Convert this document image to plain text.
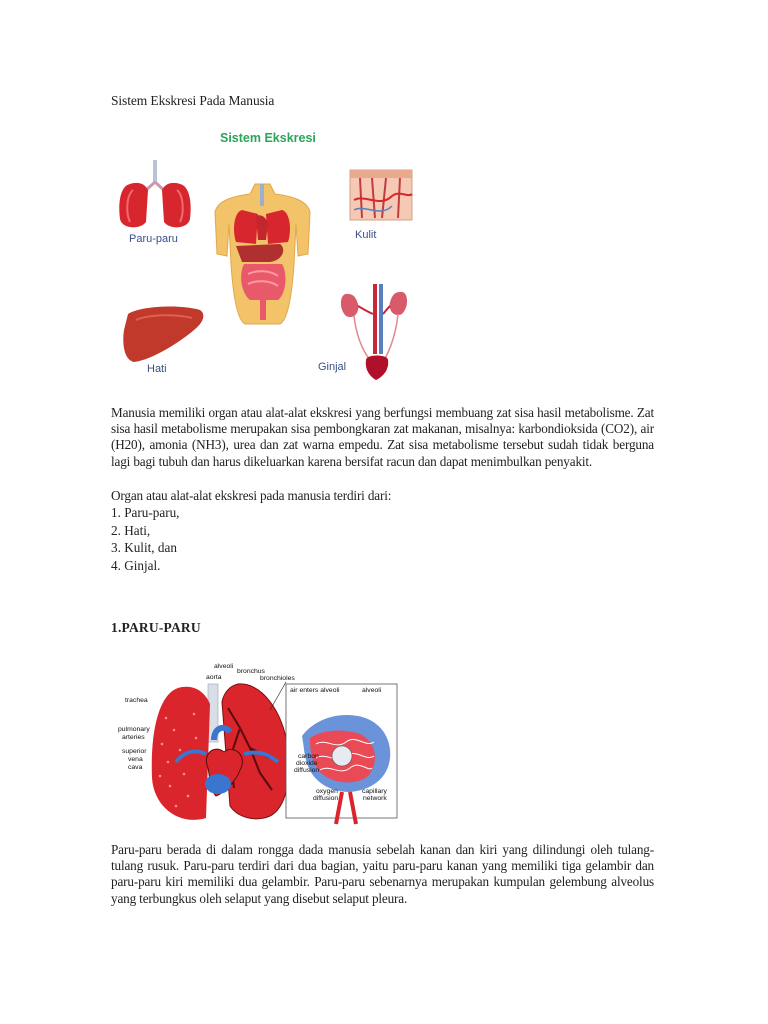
Sistem Ekskresi Pada Manusia
Sistem Ekskresi
Paru-paru	Kulit
Hati	Ginjal

Manusia memiliki organ atau alat-alat ekskresi yang berfungsi membuang zat sisa hasil metabolisme. Zat sisa hasil metabolisme merupakan sisa pembongkaran zat makanan, misalnya: karbondioksida (CO2), air (H20), amonia (NH3), urea dan zat warna empedu. Zat sisa metabolisme tersebut sudah tidak berguna lagi bagi tubuh dan harus dikeluarkan karena bersifat racun dan dapat menimbulkan penyakit.

Organ atau alat-alat ekskresi pada manusia terdiri dari:
1. Paru-paru,
2. Hati,
3. Kulit, dan
4. Ginjal.
1.PARU-PARU
alveoli
bronchus
aorta	bronchioles
trachea
pulmonary
arteries
superior
vena
cava
air enters alveoli	alveoli
carbon
dioxide
diffusion
oxygen
diffusion
capillary
network

Paru-paru berada di dalam rongga dada manusia sebelah kanan dan kiri yang dilindungi oleh tulang-tulang rusuk. Paru-paru terdiri dari dua bagian, yaitu paru-paru kanan yang memiliki tiga gelambir dan paru-paru kiri memiliki dua gelambir. Paru-paru sebenarnya merupakan kumpulan gelembung alveolus yang terbungkus oleh selaput yang disebut selaput pleura.
